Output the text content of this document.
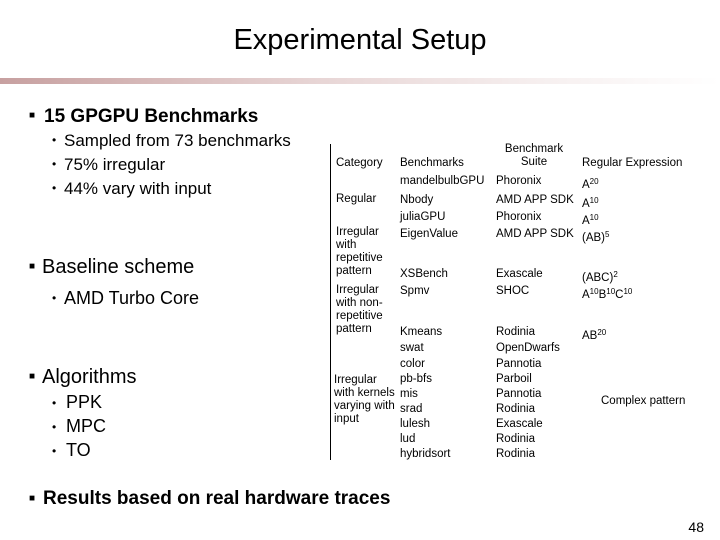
Experimental Setup
■ 15 GPGPU Benchmarks
• Sampled from 73 benchmarks
• 75% irregular
• 44% vary with input
■ Baseline scheme
• AMD Turbo Core
■ Algorithms
• PPK
• MPC
• TO
■ Results based on real hardware traces
Category Benchmarks
Benchmark Suite	Regular Expression
Regular
Irregular with repetitive pattern
Irregular with non-repetitive pattern
Irregular with kernels varying with input
mandelbulbGPU
Nbody
juliaGPU
EigenValue
XSBench
Spmv
Kmeans
swat
color
pb-bfs
mis
srad
lulesh
lud
hybridsort
Phoronix
AMD APP SDK
Phoronix
AMD APP SDK
Exascale
SHOC
Rodinia
OpenDwarfs
Pannotia
Parboil
Pannotia
Rodinia
Exascale
Rodinia
Rodinia
$A^{20}$
$A^{10}$
$A^{10}$
(AB)$^5$
(ABC)$^2$
$A^{10}B^{10}C^{10}$
AB$^{20}$
Complex pattern
48
